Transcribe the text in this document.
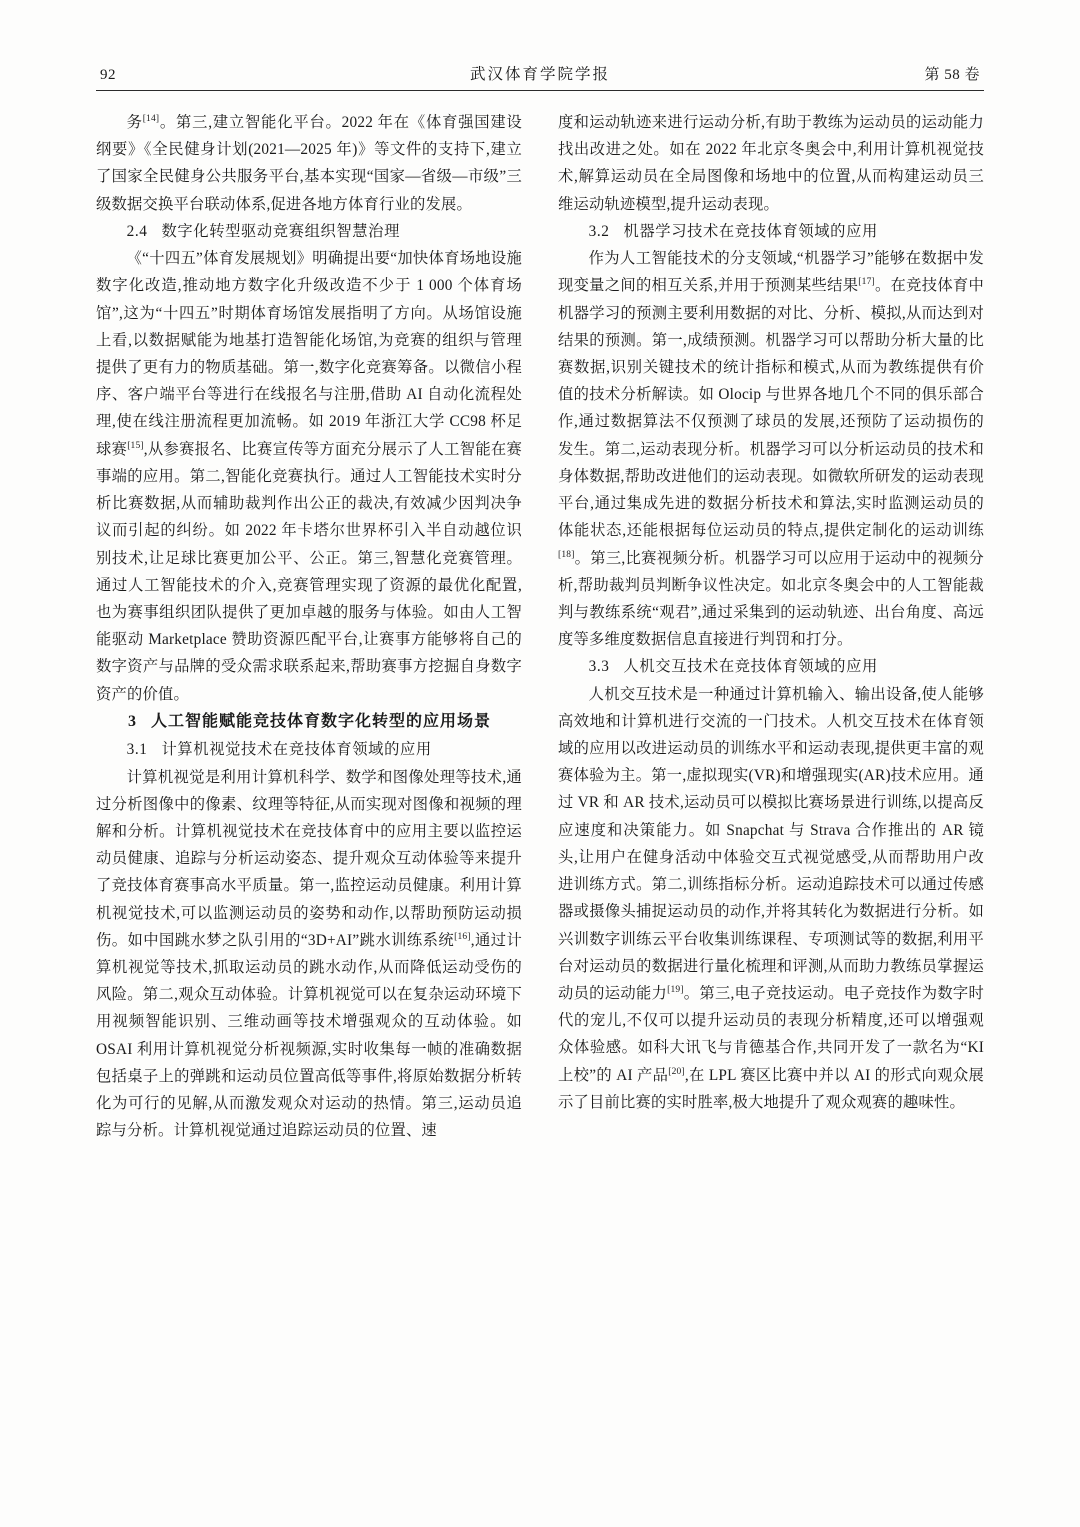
92	武汉体育学院学报	第 58 卷

务[14]。第三,建立智能化平台。2022 年在《体育强国建设纲要》《全民健身计划(2021—2025 年)》等文件的支持下,建立了国家全民健身公共服务平台,基本实现“国家—省级—市级”三级数据交换平台联动体系,促进各地方体育行业的发展。

2.4 数字化转型驱动竞赛组织智慧治理

《“十四五”体育发展规划》明确提出要“加快体育场地设施数字化改造,推动地方数字化升级改造不少于 1 000 个体育场馆”,这为“十四五”时期体育场馆发展指明了方向。从场馆设施上看,以数据赋能为地基打造智能化场馆,为竞赛的组织与管理提供了更有力的物质基础。第一,数字化竞赛筹备。以微信小程序、客户端平台等进行在线报名与注册,借助 AI 自动化流程处理,使在线注册流程更加流畅。如 2019 年浙江大学 CC98 杯足球赛[15],从参赛报名、比赛宣传等方面充分展示了人工智能在赛事端的应用。第二,智能化竞赛执行。通过人工智能技术实时分析比赛数据,从而辅助裁判作出公正的裁决,有效减少因判决争议而引起的纠纷。如 2022 年卡塔尔世界杯引入半自动越位识别技术,让足球比赛更加公平、公正。第三,智慧化竞赛管理。通过人工智能技术的介入,竞赛管理实现了资源的最优化配置,也为赛事组织团队提供了更加卓越的服务与体验。如由人工智能驱动 Marketplace 赞助资源匹配平台,让赛事方能够将自己的数字资产与品牌的受众需求联系起来,帮助赛事方挖掘自身数字资产的价值。

3 人工智能赋能竞技体育数字化转型的应用场景

3.1 计算机视觉技术在竞技体育领域的应用

计算机视觉是利用计算机科学、数学和图像处理等技术,通过分析图像中的像素、纹理等特征,从而实现对图像和视频的理解和分析。计算机视觉技术在竞技体育中的应用主要以监控运动员健康、追踪与分析运动姿态、提升观众互动体验等来提升了竞技体育赛事高水平质量。第一,监控运动员健康。利用计算机视觉技术,可以监测运动员的姿势和动作,以帮助预防运动损伤。如中国跳水梦之队引用的“3D+AI”跳水训练系统[16],通过计算机视觉等技术,抓取运动员的跳水动作,从而降低运动受伤的风险。第二,观众互动体验。计算机视觉可以在复杂运动环境下用视频智能识别、三维动画等技术增强观众的互动体验。如 OSAI 利用计算机视觉分析视频源,实时收集每一帧的准确数据包括桌子上的弹跳和运动员位置高低等事件,将原始数据分析转化为可行的见解,从而激发观众对运动的热情。第三,运动员追踪与分析。计算机视觉通过追踪运动员的位置、速

度和运动轨迹来进行运动分析,有助于教练为运动员的运动能力找出改进之处。如在 2022 年北京冬奥会中,利用计算机视觉技术,解算运动员在全局图像和场地中的位置,从而构建运动员三维运动轨迹模型,提升运动表现。

3.2 机器学习技术在竞技体育领域的应用

作为人工智能技术的分支领域,“机器学习”能够在数据中发现变量之间的相互关系,并用于预测某些结果[17]。在竞技体育中机器学习的预测主要利用数据的对比、分析、模拟,从而达到对结果的预测。第一,成绩预测。机器学习可以帮助分析大量的比赛数据,识别关键技术的统计指标和模式,从而为教练提供有价值的技术分析解读。如 Olocip 与世界各地几个不同的俱乐部合作,通过数据算法不仅预测了球员的发展,还预防了运动损伤的发生。第二,运动表现分析。机器学习可以分析运动员的技术和身体数据,帮助改进他们的运动表现。如微软所研发的运动表现平台,通过集成先进的数据分析技术和算法,实时监测运动员的体能状态,还能根据每位运动员的特点,提供定制化的运动训练[18]。第三,比赛视频分析。机器学习可以应用于运动中的视频分析,帮助裁判员判断争议性决定。如北京冬奥会中的人工智能裁判与教练系统“观君”,通过采集到的运动轨迹、出台角度、高远度等多维度数据信息直接进行判罚和打分。

3.3 人机交互技术在竞技体育领域的应用

人机交互技术是一种通过计算机输入、输出设备,使人能够高效地和计算机进行交流的一门技术。人机交互技术在体育领域的应用以改进运动员的训练水平和运动表现,提供更丰富的观赛体验为主。第一,虚拟现实(VR)和增强现实(AR)技术应用。通过 VR 和 AR 技术,运动员可以模拟比赛场景进行训练,以提高反应速度和决策能力。如 Snapchat 与 Strava 合作推出的 AR 镜头,让用户在健身活动中体验交互式视觉感受,从而帮助用户改进训练方式。第二,训练指标分析。运动追踪技术可以通过传感器或摄像头捕捉运动员的动作,并将其转化为数据进行分析。如兴训数字训练云平台收集训练课程、专项测试等的数据,利用平台对运动员的数据进行量化梳理和评测,从而助力教练员掌握运动员的运动能力[19]。第三,电子竞技运动。电子竞技作为数字时代的宠儿,不仅可以提升运动员的表现分析精度,还可以增强观众体验感。如科大讯飞与肯德基合作,共同开发了一款名为“KI 上校”的 AI 产品[20],在 LPL 赛区比赛中并以 AI 的形式向观众展示了目前比赛的实时胜率,极大地提升了观众观赛的趣味性。
